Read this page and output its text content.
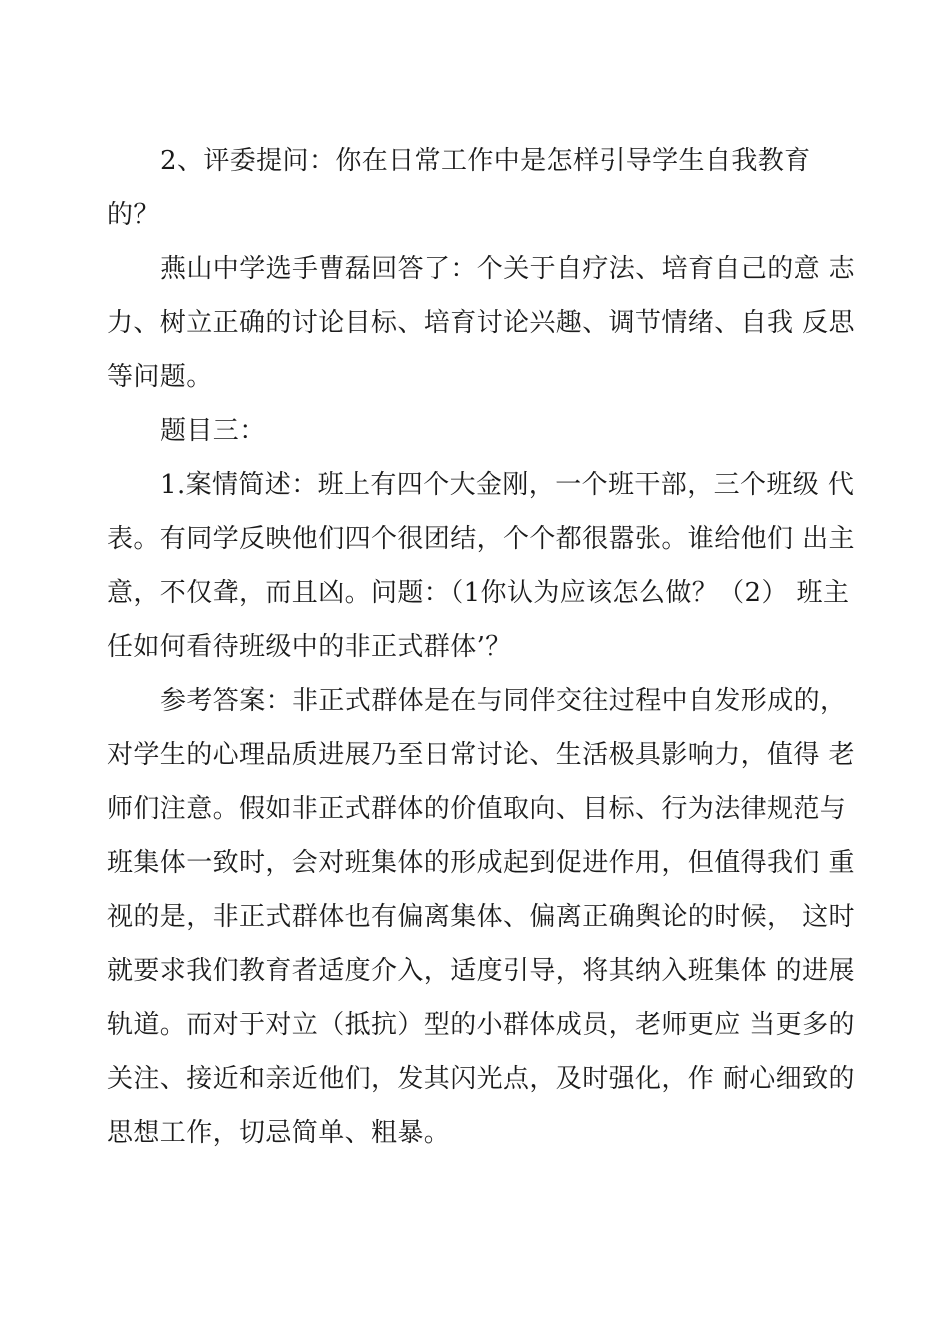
2、评委提问：你在日常工作中是怎样引导学生自我教育
的？
燕山中学选手曹磊回答了：个关于自疗法、培育自己的意 志
力、树立正确的讨论目标、培育讨论兴趣、调节情绪、自我 反思
等问题。
题目三：
1.案情简述：班上有四个大金刚，一个班干部，三个班级 代
表。有同学反映他们四个很团结，个个都很嚣张。谁给他们 出主
意，不仅聋，而且凶。问题：（1你认为应该怎么做？（2） 班主
任如何看待班级中的非正式群体’？
参考答案：非正式群体是在与同伴交往过程中自发形成的，
对学生的心理品质进展乃至日常讨论、生活极具影响力，值得 老
师们注意。假如非正式群体的价值取向、目标、行为法律规范与
班集体一致时，会对班集体的形成起到促进作用，但值得我们 重
视的是，非正式群体也有偏离集体、偏离正确舆论的时候， 这时
就要求我们教育者适度介入，适度引导，将其纳入班集体 的进展
轨道。而对于对立（抵抗）型的小群体成员，老师更应 当更多的
关注、接近和亲近他们，发其闪光点，及时强化，作 耐心细致的
思想工作，切忌简单、粗暴。
